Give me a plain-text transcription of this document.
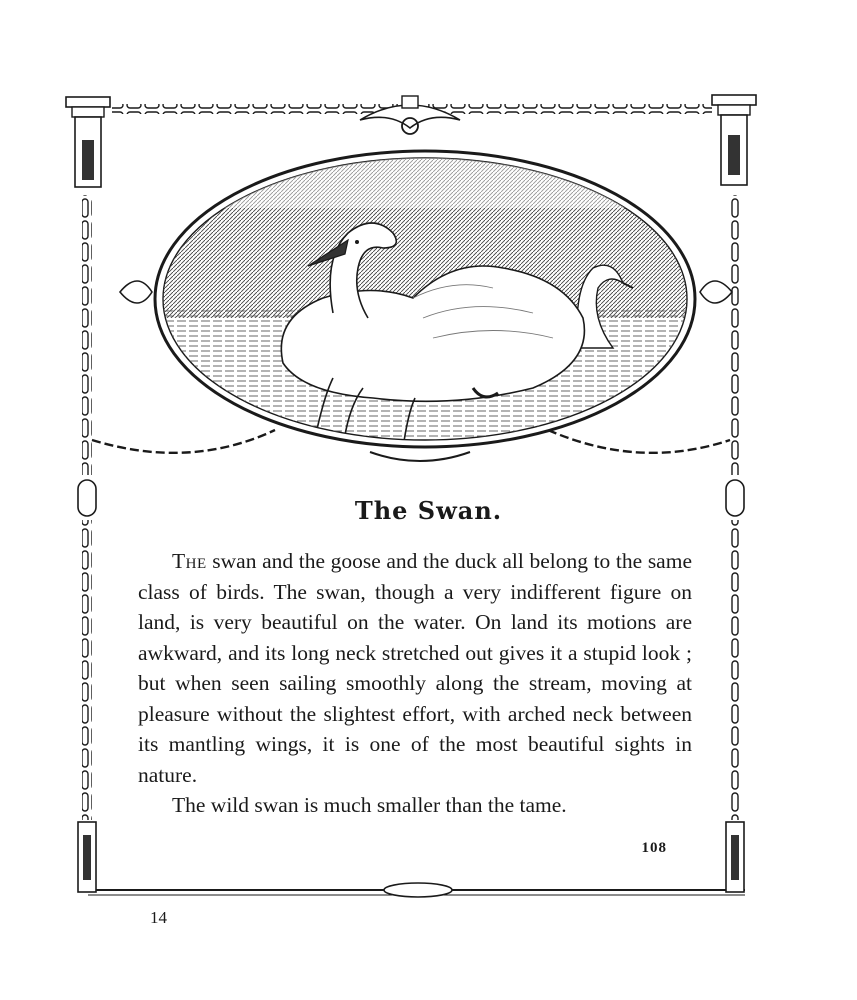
The Swan.

The swan and the goose and the duck all belong to the same class of birds. The swan, though a very indifferent figure on land, is very beautiful on the water. On land its motions are awkward, and its long neck stretched out gives it a stupid look ; but when seen sailing smoothly along the stream, moving at pleasure without the slightest effort, with arched neck between its mantling wings, it is one of the most beautiful sights in nature.

The wild swan is much smaller than the tame.

108
14
